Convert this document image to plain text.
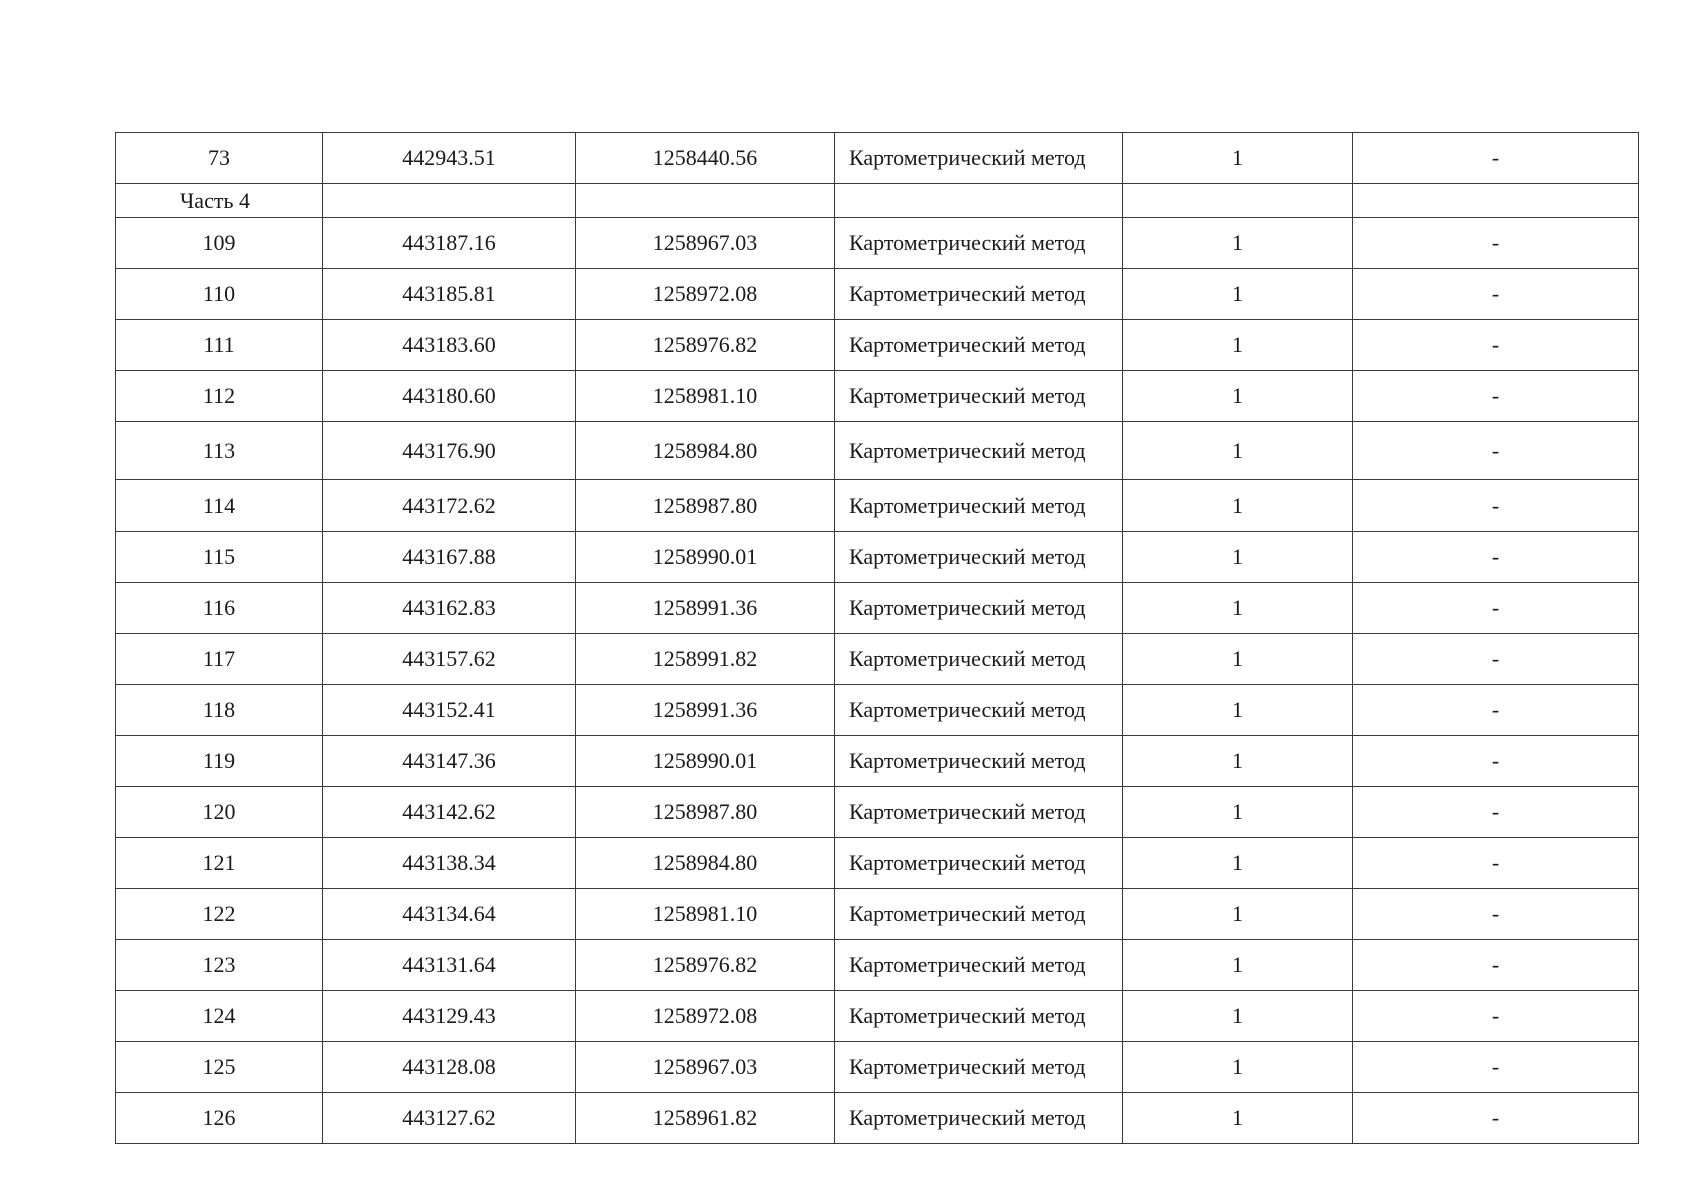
73	442943.51	1258440.56	Картометрический метод	1	-
Часть 4					
109	443187.16	1258967.03	Картометрический метод	1	-
110	443185.81	1258972.08	Картометрический метод	1	-
111	443183.60	1258976.82	Картометрический метод	1	-
112	443180.60	1258981.10	Картометрический метод	1	-
113	443176.90	1258984.80	Картометрический метод	1	-
114	443172.62	1258987.80	Картометрический метод	1	-
115	443167.88	1258990.01	Картометрический метод	1	-
116	443162.83	1258991.36	Картометрический метод	1	-
117	443157.62	1258991.82	Картометрический метод	1	-
118	443152.41	1258991.36	Картометрический метод	1	-
119	443147.36	1258990.01	Картометрический метод	1	-
120	443142.62	1258987.80	Картометрический метод	1	-
121	443138.34	1258984.80	Картометрический метод	1	-
122	443134.64	1258981.10	Картометрический метод	1	-
123	443131.64	1258976.82	Картометрический метод	1	-
124	443129.43	1258972.08	Картометрический метод	1	-
125	443128.08	1258967.03	Картометрический метод	1	-
126	443127.62	1258961.82	Картометрический метод	1	-
